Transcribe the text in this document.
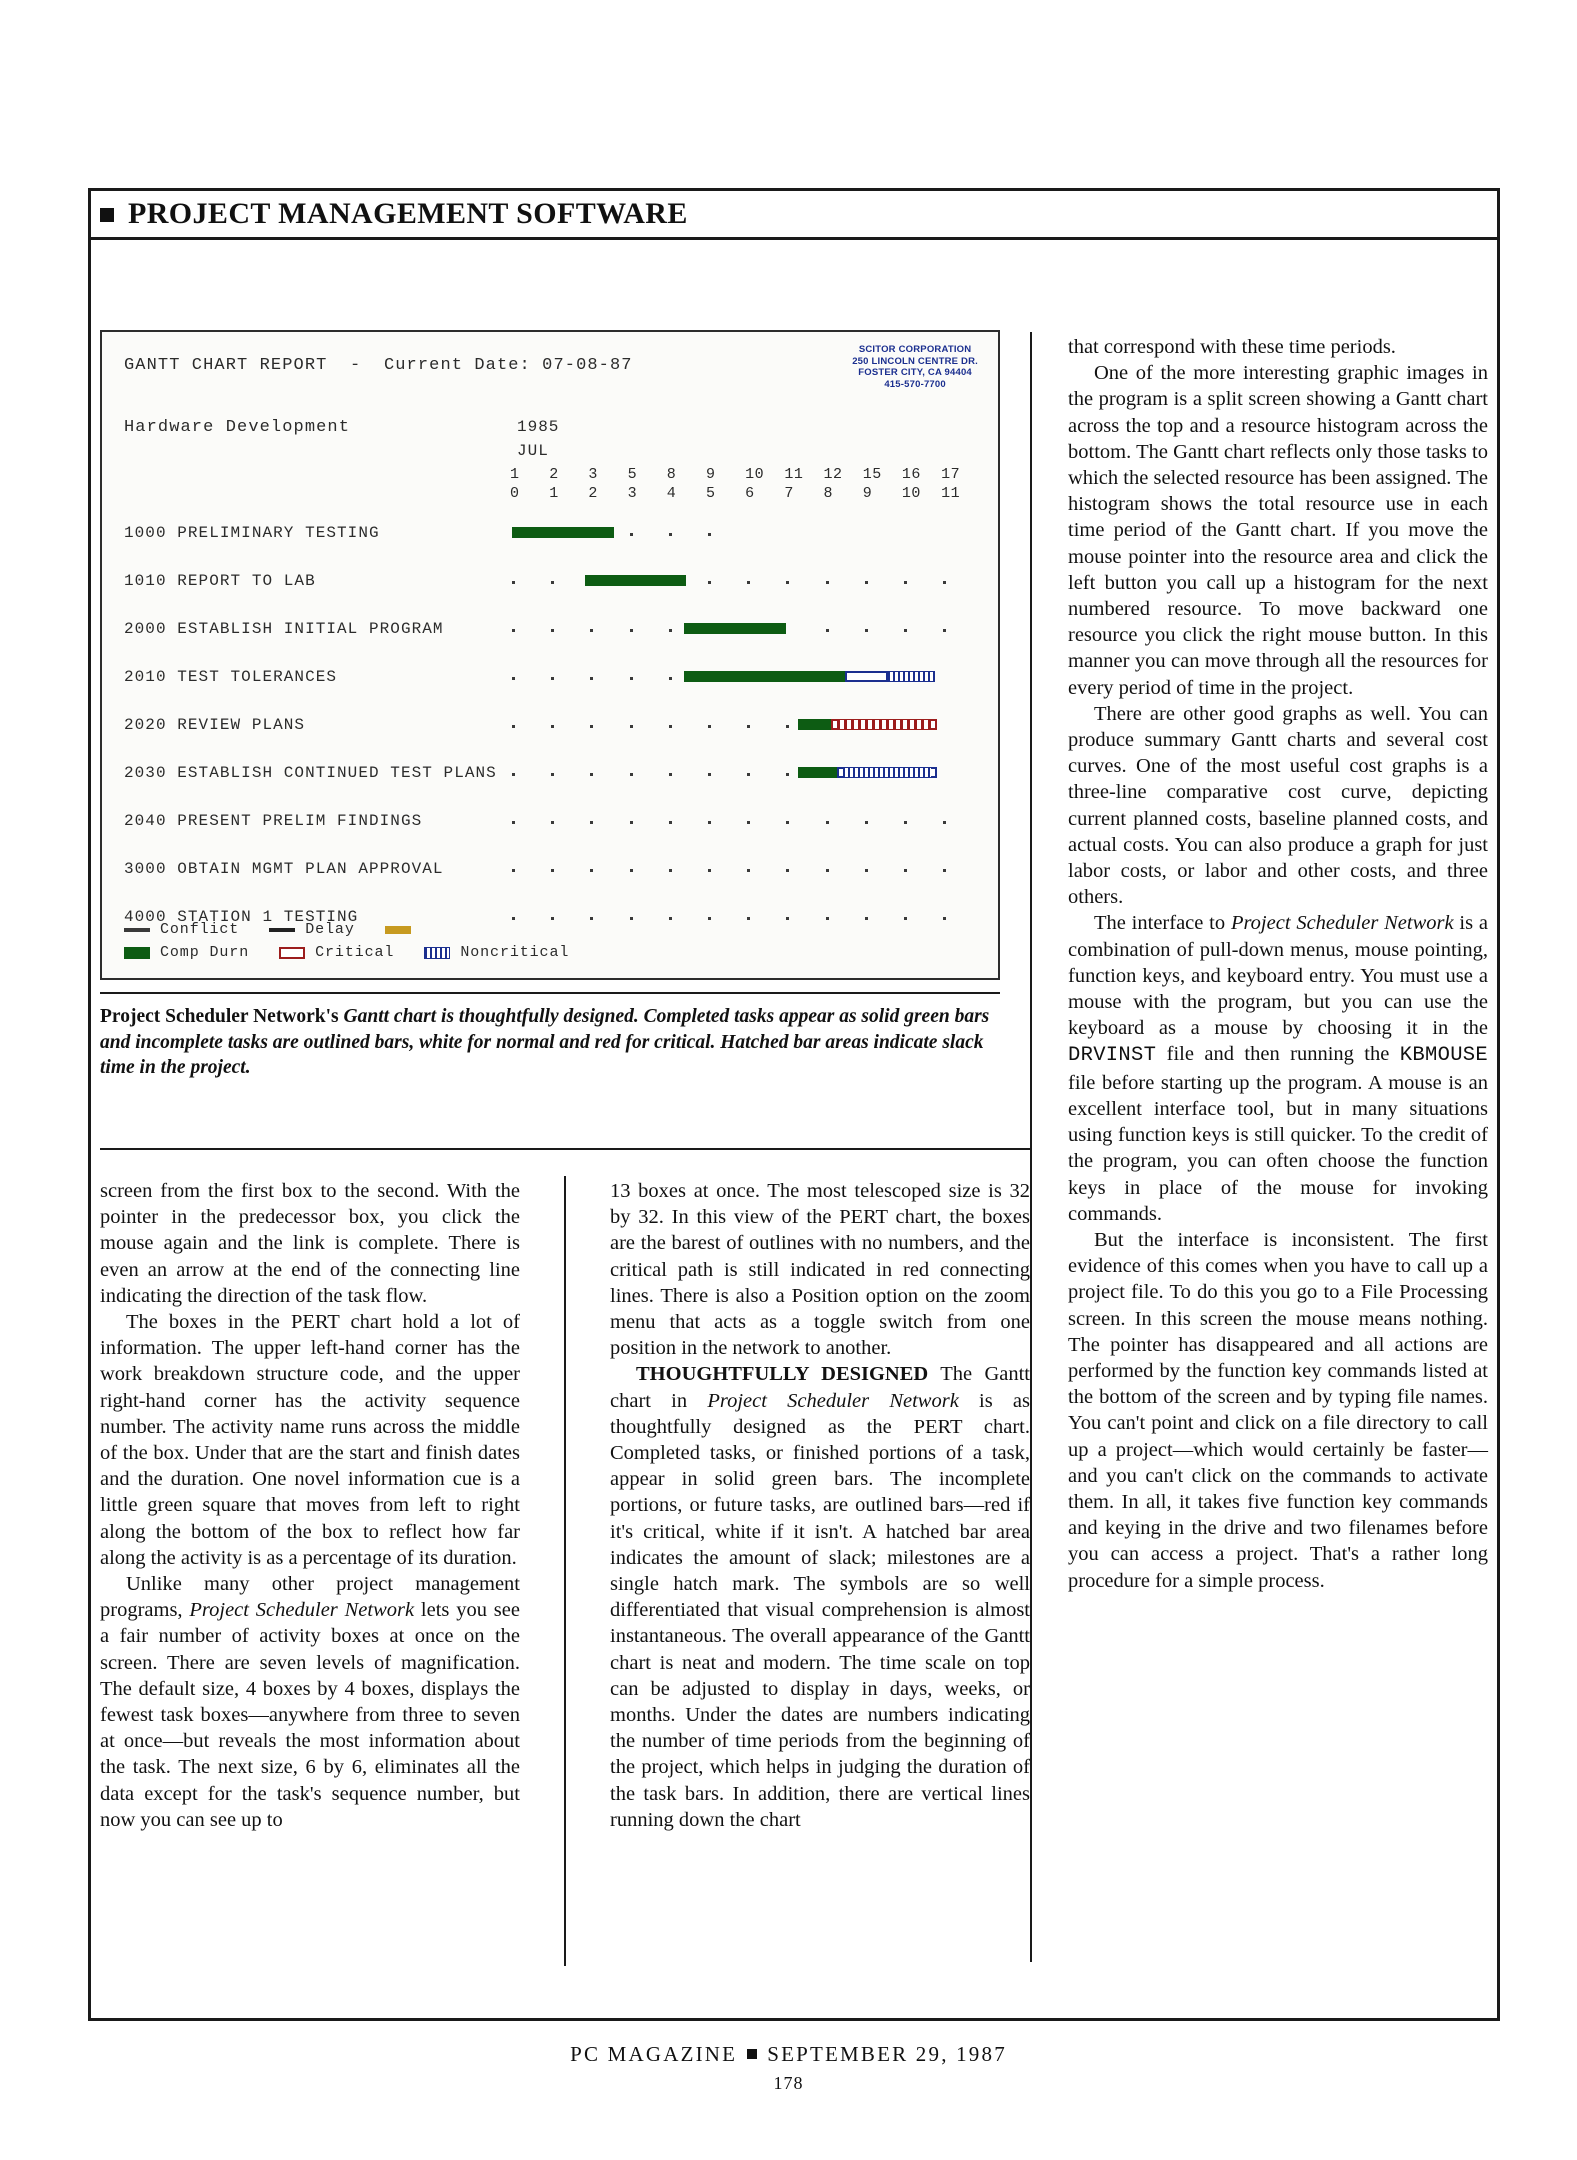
PROJECT MANAGEMENT SOFTWARE
GANTT CHART REPORT  -  Current Date: 07-08-87
SCITOR CORPORATION
250 LINCOLN CENTRE DR.
FOSTER CITY, CA 94404
415-570-7700
Hardware Development	1985
JUL
1	2	3	5	8	9	10	11	12	15	16	17
0	1	2	3	4	5	6	7	8	9	10	11
1000 PRELIMINARY TESTING
1010 REPORT TO LAB
2000 ESTABLISH INITIAL PROGRAM
2010 TEST TOLERANCES
2020 REVIEW PLANS
2030 ESTABLISH CONTINUED TEST PLANS
2040 PRESENT PRELIM FINDINGS
3000 OBTAIN MGMT PLAN APPROVAL
4000 STATION 1 TESTING
Conflict	Delay
Comp Durn	Critical	Noncritical
Project Scheduler Network's Gantt chart is thoughtfully designed. Completed tasks appear as solid green bars and incomplete tasks are outlined bars, white for normal and red for critical. Hatched bar areas indicate slack time in the project.

that correspond with these time periods.

One of the more interesting graphic images in the program is a split screen showing a Gantt chart across the top and a resource histogram across the bottom. The Gantt chart reflects only those tasks to which the selected resource has been assigned. The histogram shows the total resource use in each time period of the Gantt chart. If you move the mouse pointer into the resource area and click the left button you call up a histogram for the next numbered resource. To move backward one resource you click the right mouse button. In this manner you can move through all the resources for every period of time in the project.

There are other good graphs as well. You can produce summary Gantt charts and several cost curves. One of the most useful cost graphs is a three-line comparative cost curve, depicting current planned costs, baseline planned costs, and actual costs. You can also produce a graph for just labor costs, or labor and other costs, and three others.

The interface to Project Scheduler Network is a combination of pull-down menus, mouse pointing, function keys, and keyboard entry. You must use a mouse with the program, but you can use the keyboard as a mouse by choosing it in the DRVINST file and then running the KBMOUSE file before starting up the program. A mouse is an excellent interface tool, but in many situations using function keys is still quicker. To the credit of the program, you can often choose the function keys in place of the mouse for invoking commands.

But the interface is inconsistent. The first evidence of this comes when you have to call up a project file. To do this you go to a File Processing screen. In this screen the mouse means nothing. The pointer has disappeared and all actions are performed by the function key commands listed at the bottom of the screen and by typing file names. You can't point and click on a file directory to call up a project—which would certainly be faster—and you can't click on the commands to activate them. In all, it takes five function key commands and keying in the drive and two filenames before you can access a project. That's a rather long procedure for a simple process.

screen from the first box to the second. With the pointer in the predecessor box, you click the mouse again and the link is complete. There is even an arrow at the end of the connecting line indicating the direction of the task flow.

The boxes in the PERT chart hold a lot of information. The upper left-hand corner has the work breakdown structure code, and the upper right-hand corner has the activity sequence number. The activity name runs across the middle of the box. Under that are the start and finish dates and the duration. One novel information cue is a little green square that moves from left to right along the bottom of the box to reflect how far along the activity is as a percentage of its duration.

Unlike many other project management programs, Project Scheduler Network lets you see a fair number of activity boxes at once on the screen. There are seven levels of magnification. The default size, 4 boxes by 4 boxes, displays the fewest task boxes—anywhere from three to seven at once—but reveals the most information about the task. The next size, 6 by 6, eliminates all the data except for the task's sequence number, but now you can see up to

13 boxes at once. The most telescoped size is 32 by 32. In this view of the PERT chart, the boxes are the barest of outlines with no numbers, and the critical path is still indicated in red connecting lines. There is also a Position option on the zoom menu that acts as a toggle switch from one position in the network to another.

THOUGHTFULLY DESIGNED The Gantt chart in Project Scheduler Network is as thoughtfully designed as the PERT chart. Completed tasks, or finished portions of a task, appear in solid green bars. The incomplete portions, or future tasks, are outlined bars—red if it's critical, white if it isn't. A hatched bar area indicates the amount of slack; milestones are a single hatch mark. The symbols are so well differentiated that visual comprehension is almost instantaneous. The overall appearance of the Gantt chart is neat and modern. The time scale on top can be adjusted to display in days, weeks, or months. Under the dates are numbers indicating the number of time periods from the beginning of the project, which helps in judging the duration of the task bars. In addition, there are vertical lines running down the chart

PC MAGAZINE SEPTEMBER 29, 1987
178
